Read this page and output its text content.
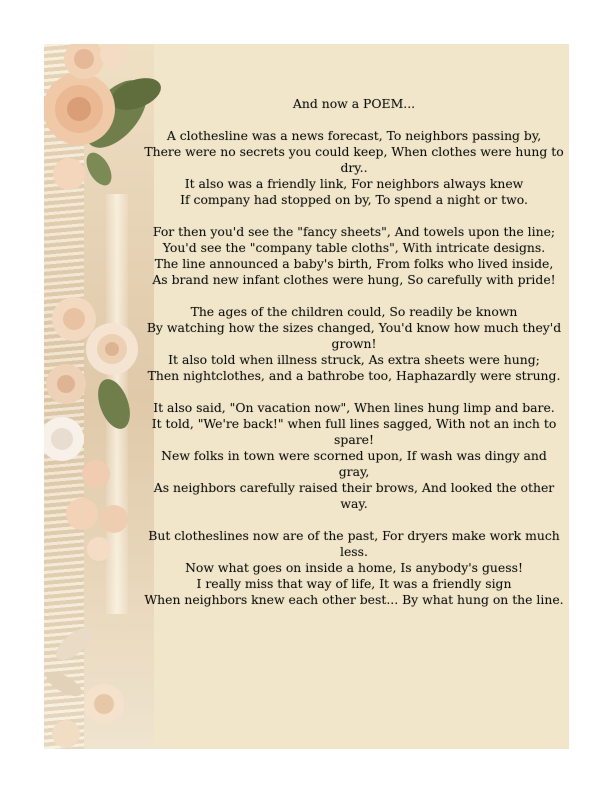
And now a POEM...
A clothesline was a news forecast, To neighbors passing by,
There were no secrets you could keep, When clothes were hung to dry..
It also was a friendly link, For neighbors always knew
If company had stopped on by, To spend a night or two.
For then you'd see the "fancy sheets", And towels upon the line;
You'd see the "company table cloths", With intricate designs.
The line announced a baby's birth, From folks who lived inside,
As brand new infant clothes were hung, So carefully with pride!
The ages of the children could, So readily be known
By watching how the sizes changed, You'd know how much they'd grown!
It also told when illness struck, As extra sheets were hung;
Then nightclothes, and a bathrobe too, Haphazardly were strung.
It also said, "On vacation now", When lines hung limp and bare.
It told, "We're back!" when full lines sagged, With not an inch to spare!
New folks in town were scorned upon, If wash was dingy and gray,
As neighbors carefully raised their brows, And looked the other way.
But clotheslines now are of the past, For dryers make work much less.
Now what goes on inside a home, Is anybody's guess!
I really miss that way of life, It was a friendly sign
When neighbors knew each other best... By what hung on the line.
